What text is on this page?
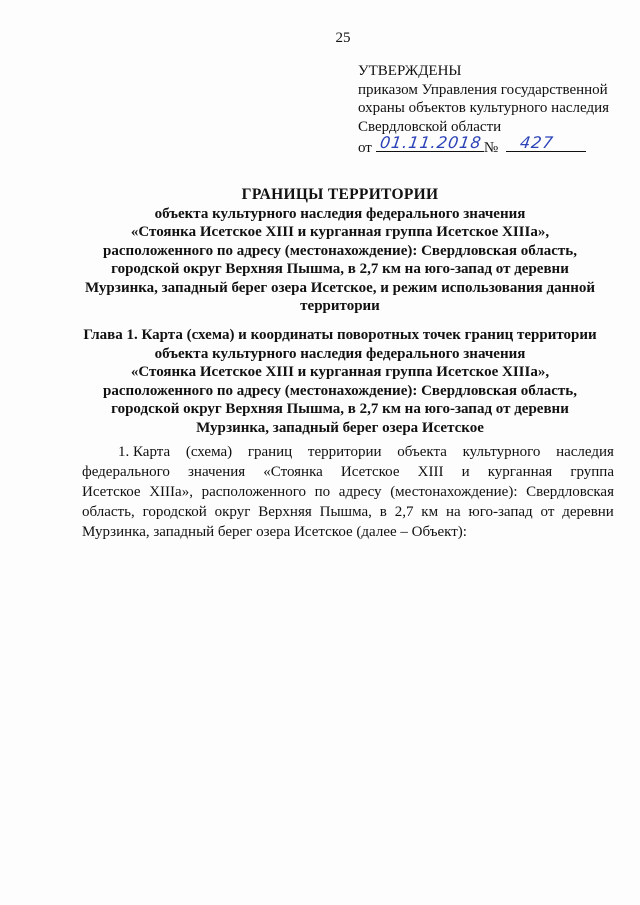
25
УТВЕРЖДЕНЫ
приказом Управления государственной
охраны объектов культурного наследия
Свердловской области
от 01.11.2018 № 427
ГРАНИЦЫ ТЕРРИТОРИИ
объекта культурного наследия федерального значения
«Стоянка Исетское XIII и курганная группа Исетское XIIIа»,
расположенного по адресу (местонахождение): Свердловская область,
городской округ Верхняя Пышма, в 2,7 км на юго-запад от деревни
Мурзинка, западный берег озера Исетское, и режим использования данной
территории
Глава 1. Карта (схема) и координаты поворотных точек границ территории
объекта культурного наследия федерального значения
«Стоянка Исетское XIII и курганная группа Исетское XIIIа»,
расположенного по адресу (местонахождение): Свердловская область,
городской округ Верхняя Пышма, в 2,7 км на юго-запад от деревни
Мурзинка, западный берег озера Исетское
1. Карта (схема) границ территории объекта культурного наследия
федерального значения «Стоянка Исетское XIII и курганная группа
Исетское XIIIа», расположенного по адресу (местонахождение): Свердловская
область, городской округ Верхняя Пышма, в 2,7 км на юго-запад от деревни
Мурзинка, западный берег озера Исетское (далее – Объект):
